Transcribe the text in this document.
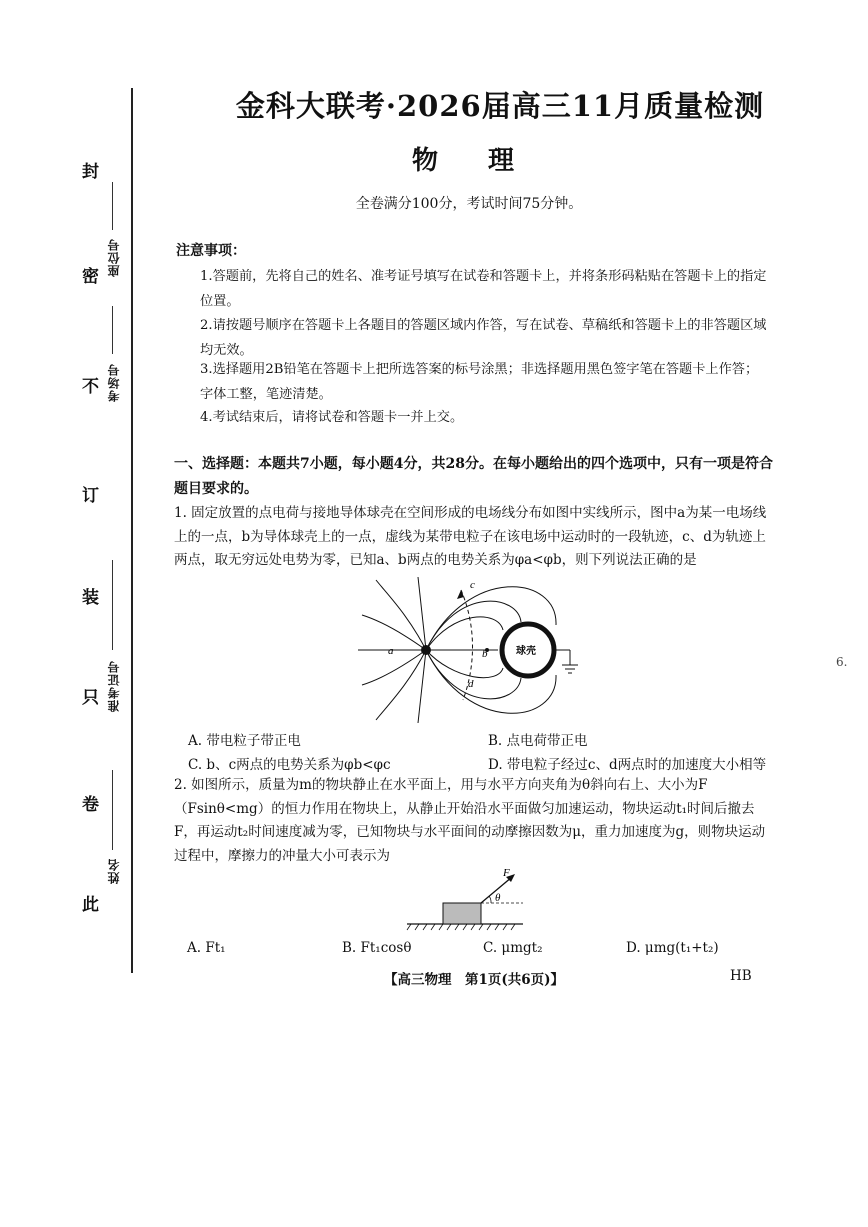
封
密
不
订
装
只
卷
此
座位号
考场号
准考证号
姓名
金科大联考·2026届高三11月质量检测
物　理
全卷满分100分，考试时间75分钟。
注意事项：
1.答题前，先将自己的姓名、准考证号填写在试卷和答题卡上，并将条形码粘贴在答题卡上的指定位置。
2.请按题号顺序在答题卡上各题目的答题区域内作答，写在试卷、草稿纸和答题卡上的非答题区域均无效。
3.选择题用2B铅笔在答题卡上把所选答案的标号涂黑；非选择题用黑色签字笔在答题卡上作答；字体工整，笔迹清楚。
4.考试结束后，请将试卷和答题卡一并上交。
一、选择题：本题共7小题，每小题4分，共28分。在每小题给出的四个选项中，只有一项是符合题目要求的。
1. 固定放置的点电荷与接地导体球壳在空间形成的电场线分布如图中实线所示，图中a为某一电场线上的一点，b为导体球壳上的一点，虚线为某带电粒子在该电场中运动时的一段轨迹，c、d为轨迹上两点，取无穷远处电势为零，已知a、b两点的电势关系为φa<φb，则下列说法正确的是
a	b
c
d
球壳
A. 带电粒子带正电	B. 点电荷带正电
C. b、c两点的电势关系为φb<φc	D. 带电粒子经过c、d两点时的加速度大小相等
2. 如图所示，质量为m的物块静止在水平面上，用与水平方向夹角为θ斜向右上、大小为F（Fsinθ<mg）的恒力作用在物块上，从静止开始沿水平面做匀加速运动，物块运动t₁时间后撤去F，再运动t₂时间速度减为零，已知物块与水平面间的动摩擦因数为μ，重力加速度为g，则物块运动过程中，摩擦力的冲量大小可表示为
F
θ
A. Ft₁	B. Ft₁cosθ	C. μmgt₂	D. μmg(t₁+t₂)
【高三物理　第1页(共6页)】	HB
6.
